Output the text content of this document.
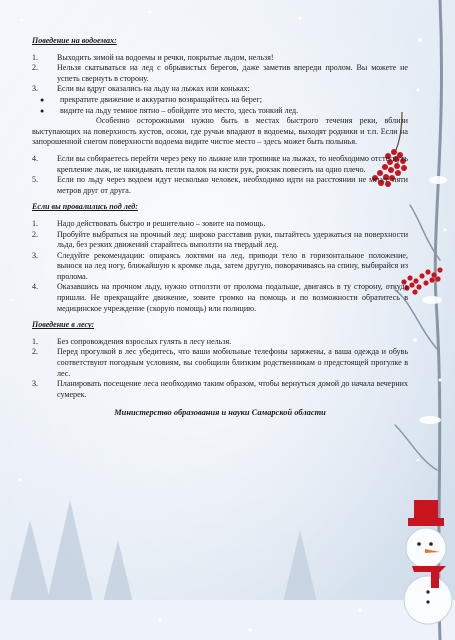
Поведение на водоемах:
1.	Выходить зимой на водоемы и речки, покрытые льдом, нельзя!
2.	Нельзя скатываться на лед с обрывистых берегов, даже заметив впереди пролом. Вы можете не успеть свернуть в сторону.
3.	Если вы вдруг оказались на льду на лыжах или коньках:
●	прекратите движение и аккуратно возвращайтесь на берег;
●	видите на льду темное пятно – обойдите это место, здесь тонкий лед.
Особенно осторожными нужно быть в местах быстрого течения реки, вблизи выступающих на поверхность кустов, осоки, где ручьи впадают в водоемы, выходят родники и т.п. Если на запорошенной снегом поверхности водоема видите чистое место – здесь может быть полынья.
4.	Если вы собираетесь перейти через реку по лыжне или тропинке на лыжах, то необходимо отстегнуть крепление лыж, не накидывать петли палок на кисти рук, рюкзак повесить на одно плечо.
5.	Если по льду через водоем идут несколько человек, необходимо идти на расстоянии не менее пяти метров друг от друга.
Если вы провалились под лед:
1.	Надо действовать быстро и решительно – зовите на помощь.
2.	Пробуйте выбраться на прочный лед: широко расставив руки, пытайтесь удержаться на поверхности льда, без резких движений старайтесь выползти на твердый лед.
3.	Следуйте рекомендации: опираясь локтями на лед, приводи тело в горизонтальное положение, вынося на лед ногу, ближайшую к кромке льда, затем другую, поворачиваясь на спину, выбирайся из пролома.
4.	Оказавшись на прочном льду, нужно отползти от пролома подальше, двигаясь в ту сторону, откуда пришли. Не прекращайте движение, зовите громко на помощь и по возможности обратитесь в медицинское учреждение (скорую помощь) или полицию.
Поведение в лесу:
1.	Без сопровождения взрослых гулять в лесу нельзя.
2.	Перед прогулкой в лес убедитесь, что ваши мобильные телефоны заряжены, а ваша одежда и обувь соответствуют погодным условиям, вы сообщили близким родственникам о предстоящей прогулке в лес.
3.	Планировать посещение леса необходимо таким образом, чтобы вернуться домой до начала вечерних сумерек.
Министерство образования и науки Самарской области
